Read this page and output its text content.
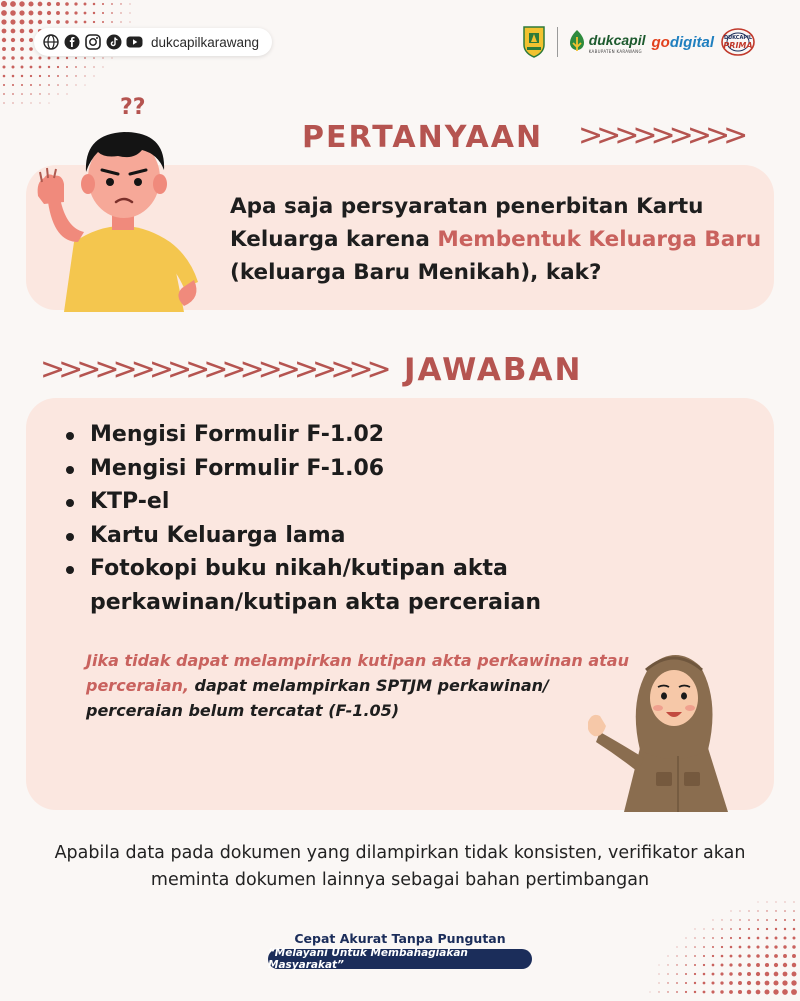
dukcapilkarawang	dukcapil
KABUPATEN KARAWANG
go digital	DUKCAPIL
PRIMA
PERTANYAAN >>>>>>>>>
??
Apa saja persyaratan penerbitan Kartu Keluarga karena Membentuk Keluarga Baru (keluarga Baru Menikah), kak?
>>>>>>>>>>>>>>>>>>> JAWABAN
Mengisi Formulir F-1.02
Mengisi Formulir F-1.06
KTP-el
Kartu Keluarga lama
Fotokopi buku nikah/kutipan akta perkawinan/kutipan akta perceraian
Jika tidak dapat melampirkan kutipan akta perkawinan atau perceraian, dapat melampirkan SPTJM perkawinan/ perceraian belum tercatat (F-1.05)
Apabila data pada dokumen yang dilampirkan tidak konsisten, verifikator akan meminta dokumen lainnya sebagai bahan pertimbangan
Cepat Akurat Tanpa Pungutan
“Melayani Untuk Membahagiakan Masyarakat”
